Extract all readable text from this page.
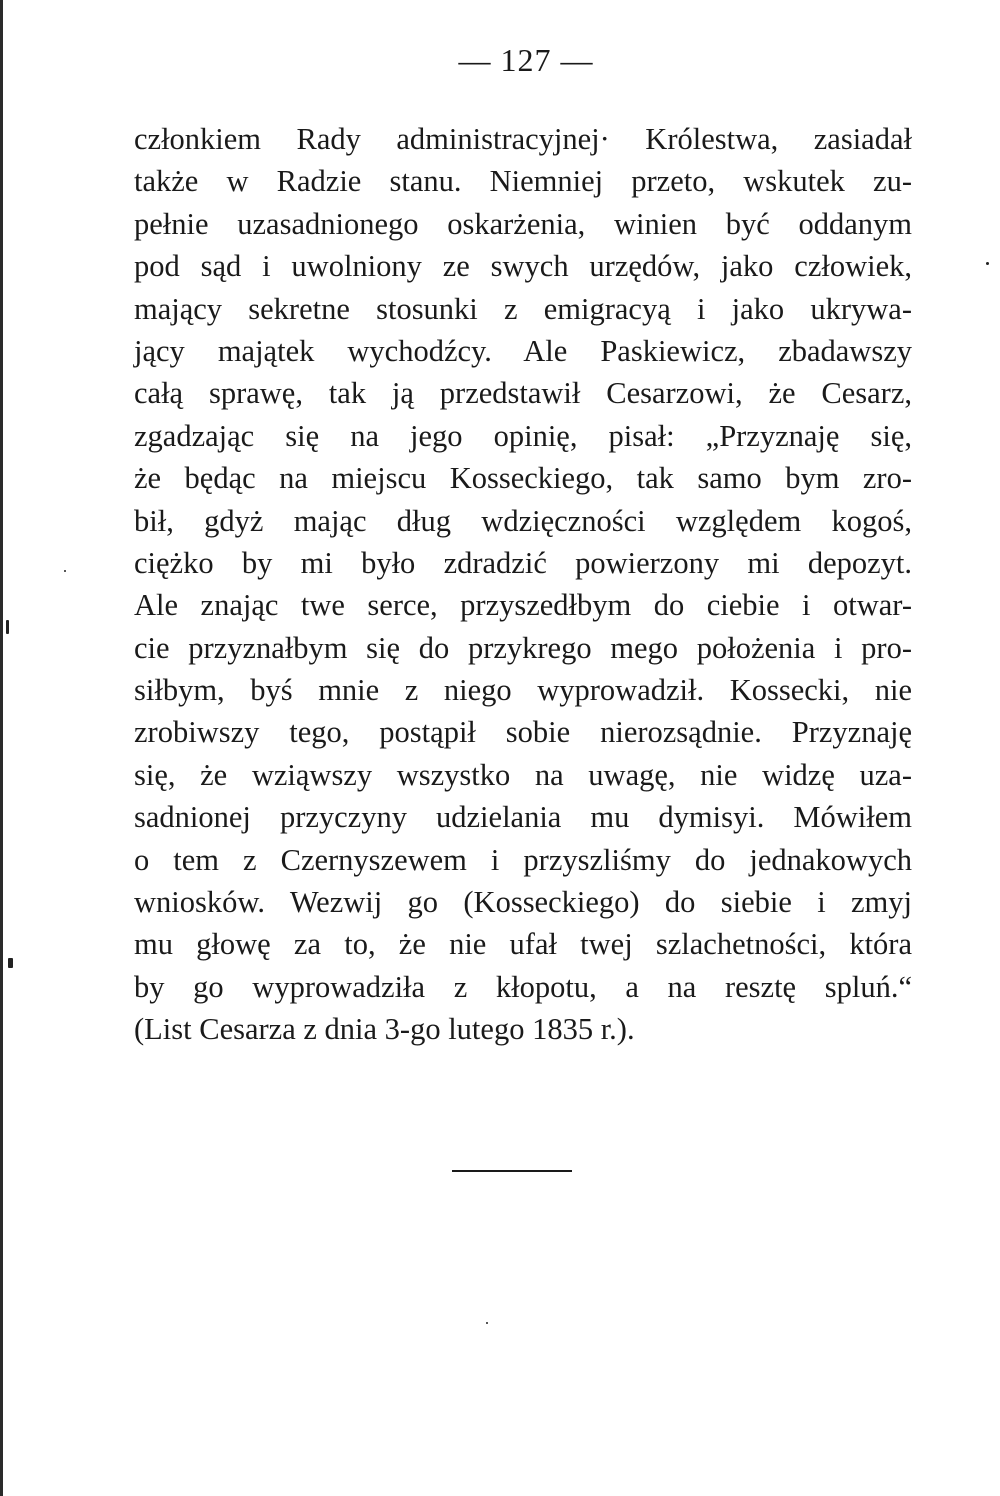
— 127 —
członkiem Rady administracyjnej· Królestwa, zasiadał
także w Radzie stanu. Niemniej przeto, wskutek zu-
pełnie uzasadnionego oskarżenia, winien być oddanym
pod sąd i uwolniony ze swych urzędów, jako człowiek,
mający sekretne stosunki z emigracyą i jako ukrywa-
jący majątek wychodźcy. Ale Paskiewicz, zbadawszy
całą sprawę, tak ją przedstawił Cesarzowi, że Cesarz,
zgadzając się na jego opinię, pisał: „Przyznaję się,
że będąc na miejscu Kosseckiego, tak samo bym zro-
bił, gdyż mając dług wdzięczności względem kogoś,
ciężko by mi było zdradzić powierzony mi depozyt.
Ale znając twe serce, przyszedłbym do ciebie i otwar-
cie przyznałbym się do przykrego mego położenia i pro-
siłbym, byś mnie z niego wyprowadził. Kossecki, nie
zrobiwszy tego, postąpił sobie nierozsądnie. Przyznaję
się, że wziąwszy wszystko na uwagę, nie widzę uza-
sadnionej przyczyny udzielania mu dymisyi. Mówiłem
o tem z Czernyszewem i przyszliśmy do jednakowych
wniosków. Wezwij go (Kosseckiego) do siebie i zmyj
mu głowę za to, że nie ufał twej szlachetności, która
by go wyprowadziła z kłopotu, a na resztę spluń.“
(List Cesarza z dnia 3-go lutego 1835 r.).
